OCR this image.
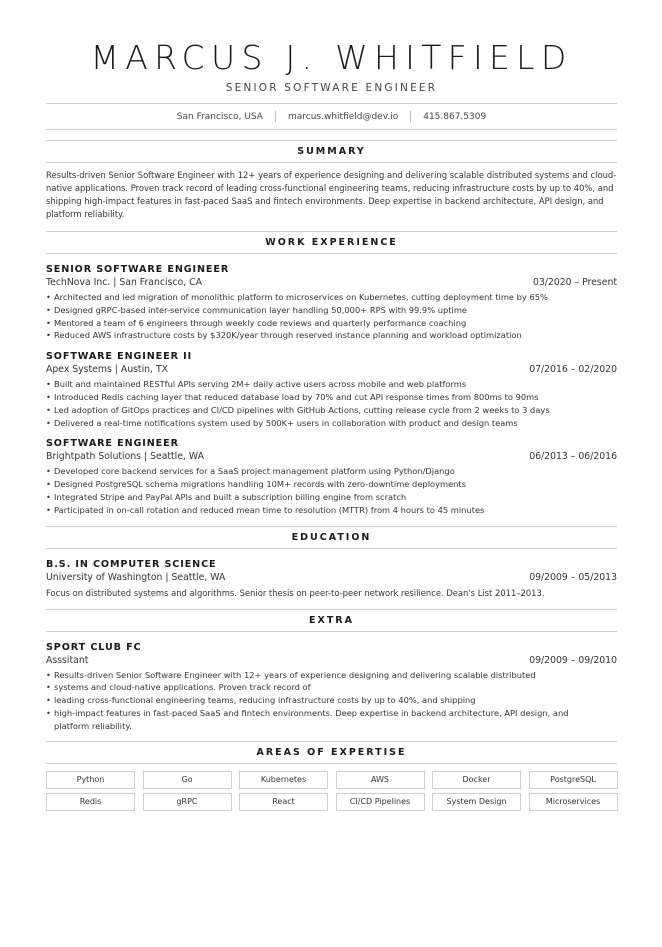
MARCUS J. WHITFIELD
SENIOR SOFTWARE ENGINEER
San Francisco, USA	marcus.whitfield@dev.io	415.867.5309
SUMMARY
Results-driven Senior Software Engineer with 12+ years of experience designing and delivering scalable distributed systems and cloud-native applications. Proven track record of leading cross-functional engineering teams, reducing infrastructure costs by up to 40%, and shipping high-impact features in fast-paced SaaS and fintech environments. Deep expertise in backend architecture, API design, and platform reliability.
WORK EXPERIENCE
SENIOR SOFTWARE ENGINEER
TechNova Inc. | San Francisco, CA	03/2020 – Present
• Architected and led migration of monolithic platform to microservices on Kubernetes, cutting deployment time by 65%
• Designed gRPC-based inter-service communication layer handling 50,000+ RPS with 99.9% uptime
• Mentored a team of 6 engineers through weekly code reviews and quarterly performance coaching
• Reduced AWS infrastructure costs by $320K/year through reserved instance planning and workload optimization
SOFTWARE ENGINEER II
Apex Systems | Austin, TX	07/2016 – 02/2020
• Built and maintained RESTful APIs serving 2M+ daily active users across mobile and web platforms
• Introduced Redis caching layer that reduced database load by 70% and cut API response times from 800ms to 90ms
• Led adoption of GitOps practices and CI/CD pipelines with GitHub Actions, cutting release cycle from 2 weeks to 3 days
• Delivered a real-time notifications system used by 500K+ users in collaboration with product and design teams
SOFTWARE ENGINEER
Brightpath Solutions | Seattle, WA	06/2013 – 06/2016
• Developed core backend services for a SaaS project management platform using Python/Django
• Designed PostgreSQL schema migrations handling 10M+ records with zero-downtime deployments
• Integrated Stripe and PayPal APIs and built a subscription billing engine from scratch
• Participated in on-call rotation and reduced mean time to resolution (MTTR) from 4 hours to 45 minutes
EDUCATION
B.S. IN COMPUTER SCIENCE
University of Washington | Seattle, WA	09/2009 – 05/2013
Focus on distributed systems and algorithms. Senior thesis on peer-to-peer network resilience. Dean's List 2011–2013.
EXTRA
SPORT CLUB FC
Asssitant	09/2009 – 09/2010
• Results-driven Senior Software Engineer with 12+ years of experience designing and delivering scalable distributed
• systems and cloud-native applications. Proven track record of
• leading cross-functional engineering teams, reducing infrastructure costs by up to 40%, and shipping
• high-impact features in fast-paced SaaS and fintech environments. Deep expertise in backend architecture, API design, and platform reliability.
AREAS OF EXPERTISE
Python	Go	Kubernetes	AWS	Docker	PostgreSQL
Redis	gRPC	React	CI/CD Pipelines	System Design	Microservices
